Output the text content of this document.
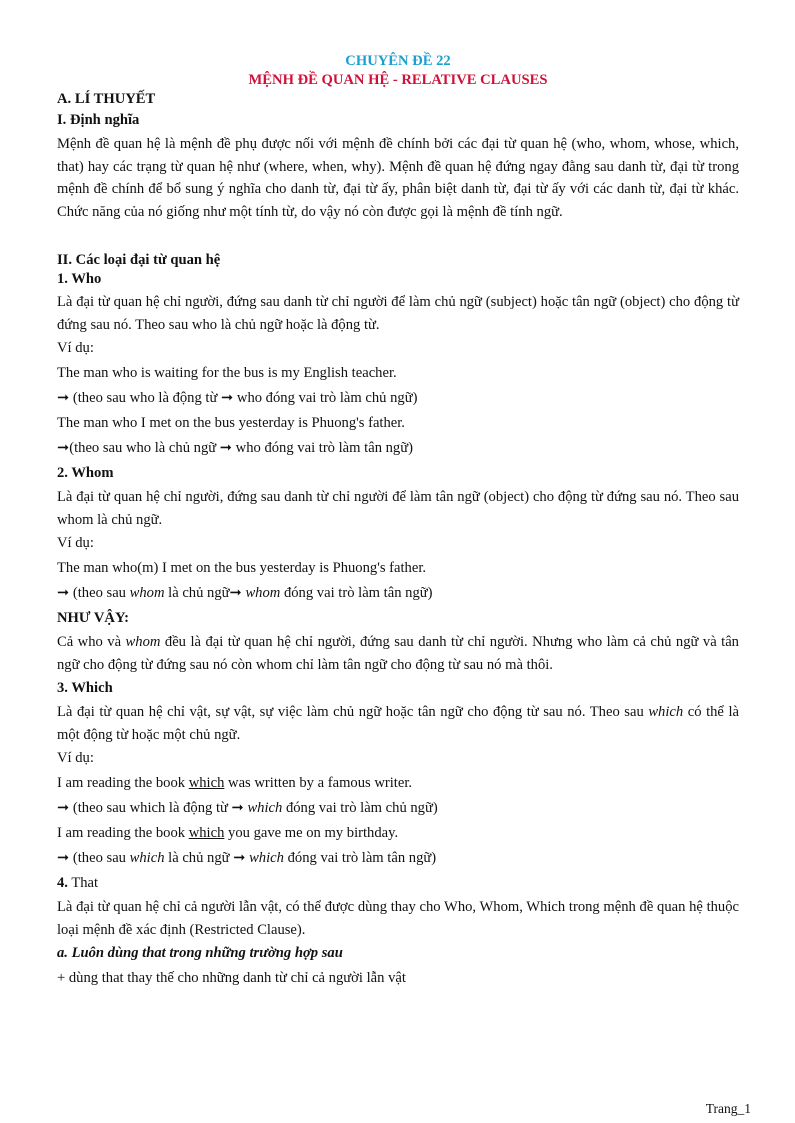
CHUYÊN ĐỀ 22
MỆNH ĐỀ QUAN HỆ - RELATIVE CLAUSES
A. LÍ THUYẾT
I. Định nghĩa
Mệnh đề quan hệ là mệnh đề phụ được nối với mệnh đề chính bởi các đại từ quan hệ (who, whom, whose, which, that) hay các trạng từ quan hệ như (where, when, why). Mệnh đề quan hệ đứng ngay đằng sau danh từ, đại từ trong mệnh đề chính để bổ sung ý nghĩa cho danh từ, đại từ ấy, phân biệt danh từ, đại từ ấy với các danh từ, đại từ khác. Chức năng của nó giống như một tính từ, do vậy nó còn được gọi là mệnh đề tính ngữ.
II. Các loại đại từ quan hệ
1. Who
Là đại từ quan hệ chỉ người, đứng sau danh từ chỉ người để làm chủ ngữ (subject) hoặc tân ngữ (object) cho động từ đứng sau nó. Theo sau who là chủ ngữ hoặc là động từ.
Ví dụ:
The man who is waiting for the bus is my English teacher.
➞ (theo sau who là động từ ➞ who đóng vai trò làm chủ ngữ)
The man who I met on the bus yesterday is Phuong's father.
➞(theo sau who là chủ ngữ ➞ who đóng vai trò làm tân ngữ)
2. Whom
Là đại từ quan hệ chỉ người, đứng sau danh từ chỉ người để làm tân ngữ (object) cho động từ đứng sau nó. Theo sau whom là chủ ngữ.
Ví dụ:
The man who(m) I met on the bus yesterday is Phuong's father.
➞ (theo sau whom là chủ ngữ➞ whom đóng vai trò làm tân ngữ)
NHƯ VẬY:
Cả who và whom đều là đại từ quan hệ chỉ người, đứng sau danh từ chỉ người. Nhưng who làm cả chủ ngữ và tân ngữ cho động từ đứng sau nó còn whom chỉ làm tân ngữ cho động từ sau nó mà thôi.
3. Which
Là đại từ quan hệ chỉ vật, sự vật, sự việc làm chủ ngữ hoặc tân ngữ cho động từ sau nó. Theo sau which có thể là một động từ hoặc một chủ ngữ.
Ví dụ:
I am reading the book which was written by a famous writer.
➞ (theo sau which là động từ ➞ which đóng vai trò làm chủ ngữ)
I am reading the book which you gave me on my birthday.
➞ (theo sau which là chủ ngữ ➞ which đóng vai trò làm tân ngữ)
4. That
Là đại từ quan hệ chỉ cả người lẫn vật, có thể được dùng thay cho Who, Whom, Which trong mệnh đề quan hệ thuộc loại mệnh đề xác định (Restricted Clause).
a. Luôn dùng that trong những trường hợp sau
+ dùng that thay thế cho những danh từ chỉ cả người lẫn vật
Trang_1
